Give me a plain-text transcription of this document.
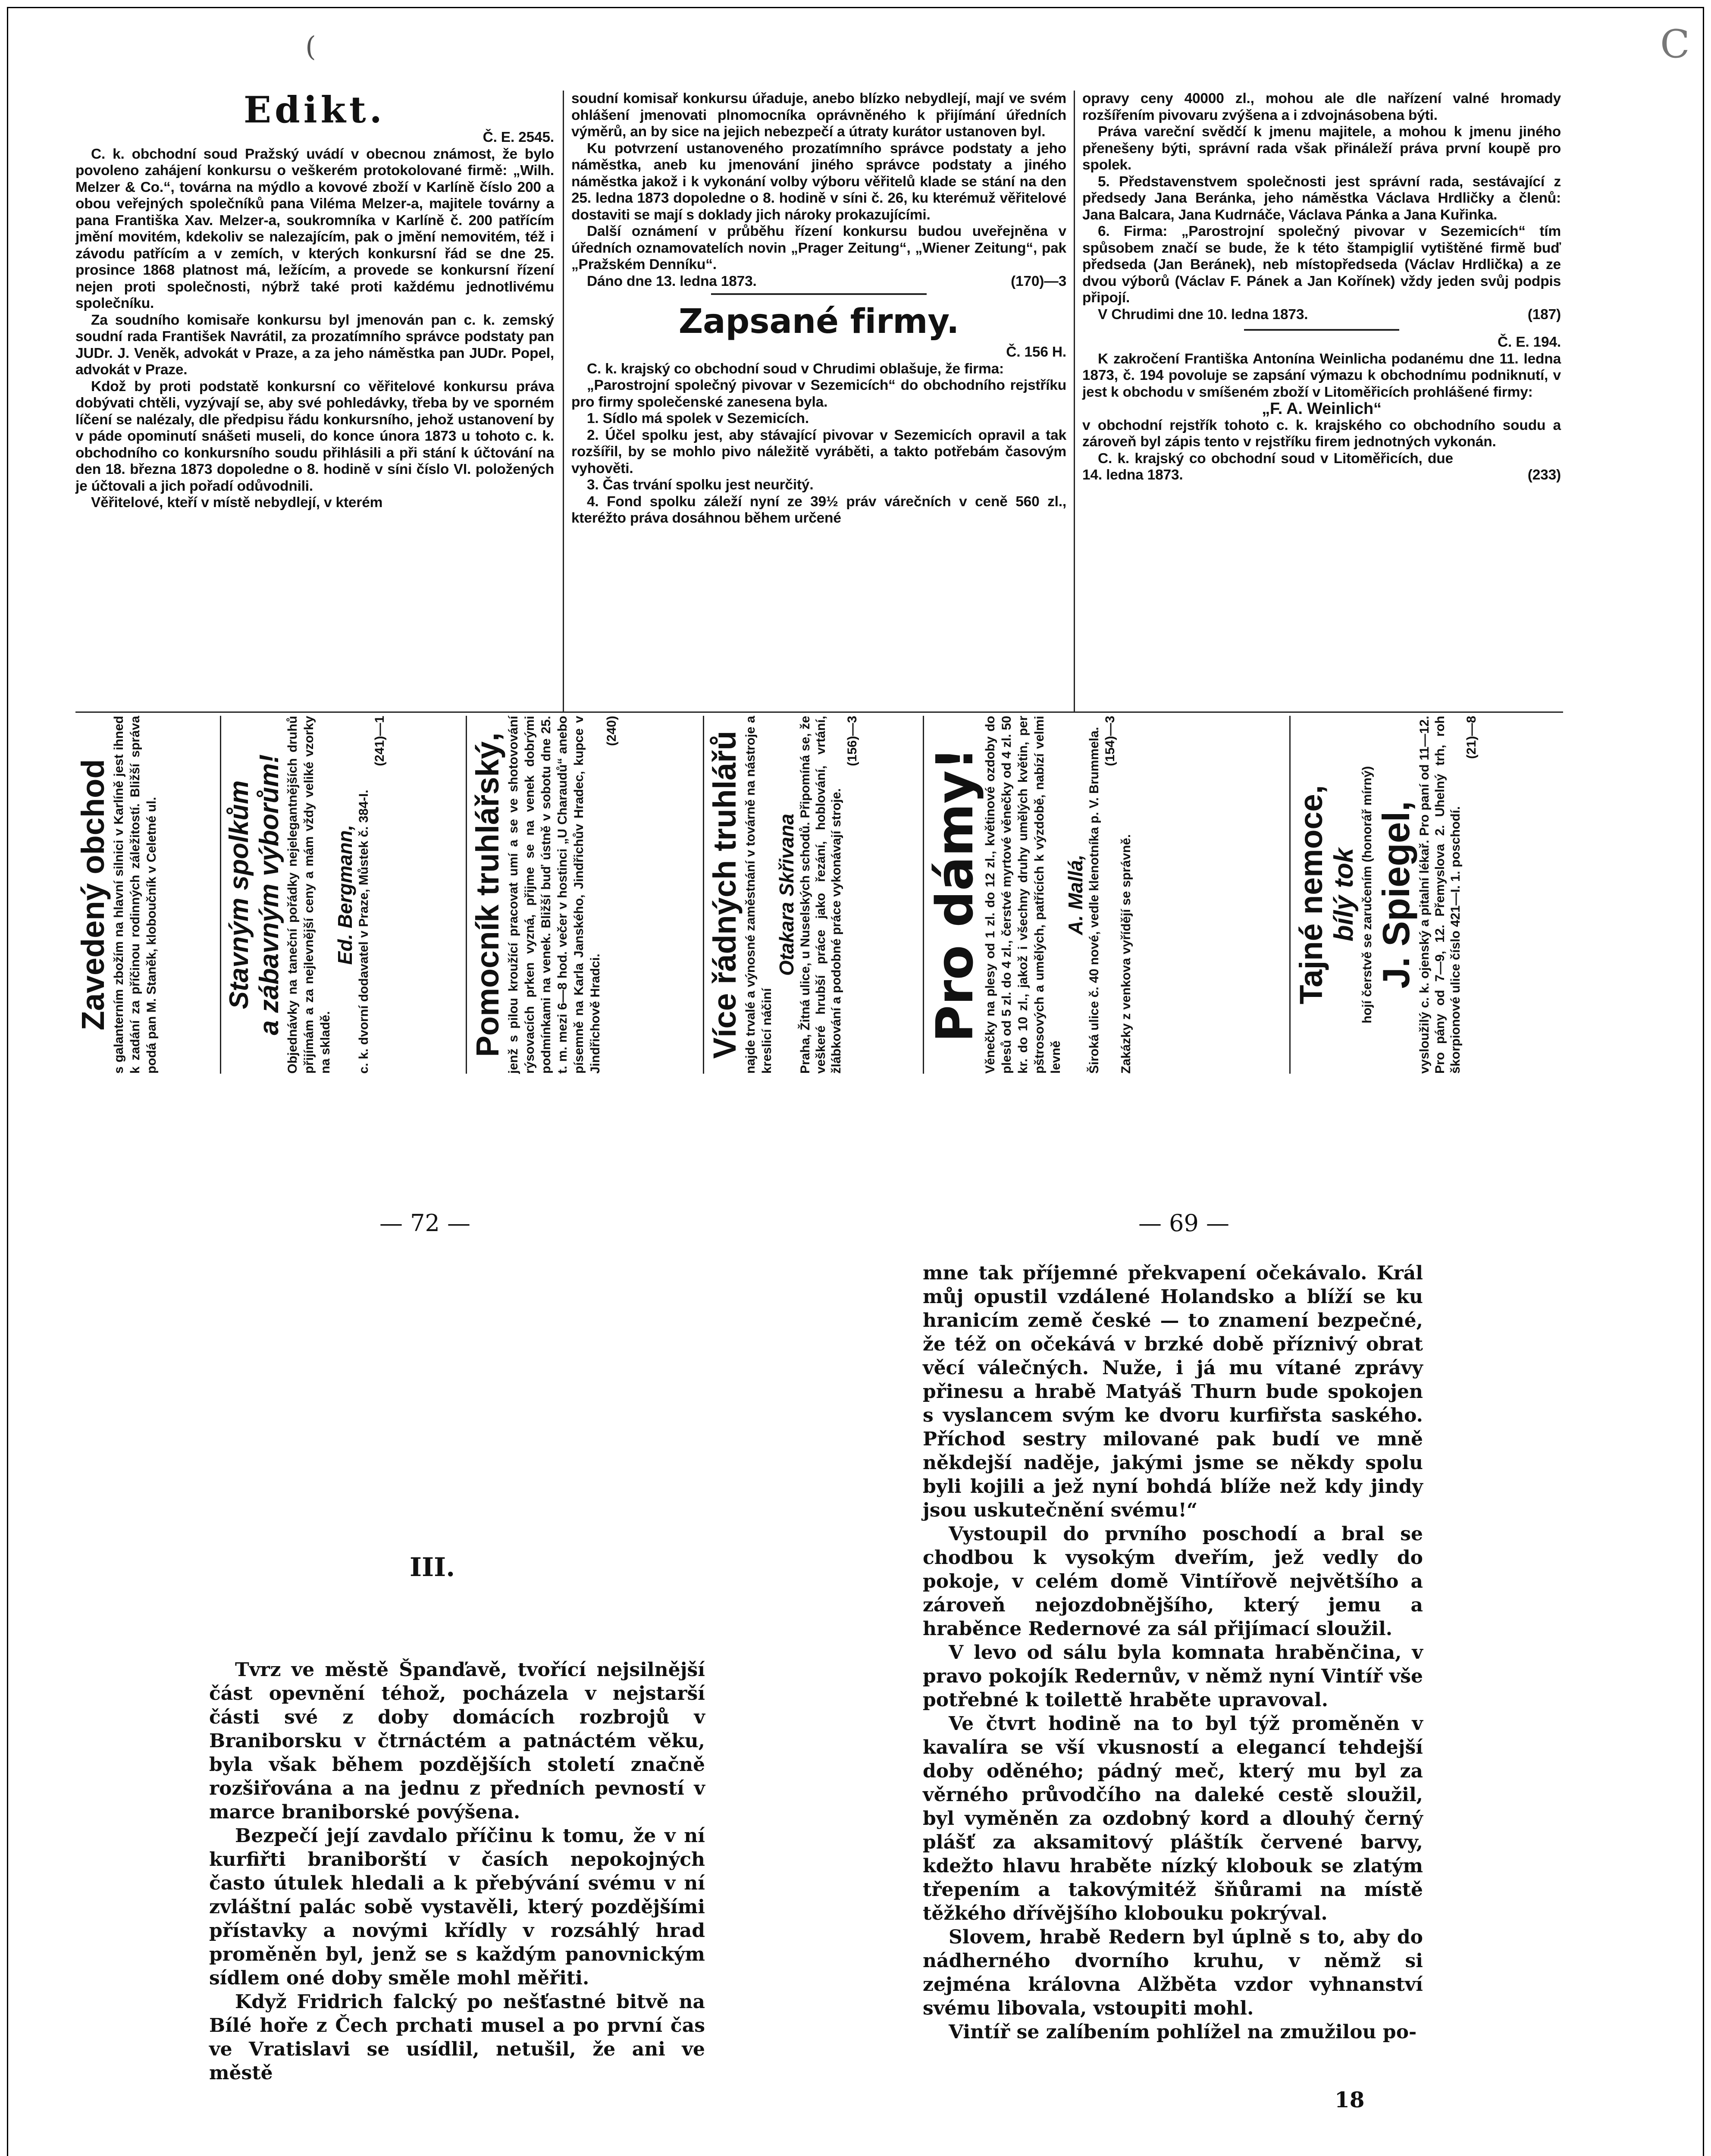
(	C
Edikt.
Č. E. 2545.

C. k. obchodní soud Pražský uvádí v obecnou známost, že bylo povoleno zahájení konkursu o veškerém protokolované firmě: „Wilh. Melzer & Co.“, továrna na mýdlo a kovové zboží v Karlíně číslo 200 a obou veřejných společníků pana Viléma Melzer-a, majitele továrny a pana Františka Xav. Melzer-a, soukromníka v Karlíně č. 200 patřícím jmění movitém, kdekoliv se nalezajícím, pak o jmění nemovitém, též i závodu patřícím a v zemích, v kterých konkursní řád se dne 25. prosince 1868 platnost má, ležícím, a provede se konkursní řízení nejen proti společnosti, nýbrž také proti každému jednotlivému společníku.

Za soudního komisaře konkursu byl jmenován pan c. k. zemský soudní rada František Navrátil, za prozatímního správce podstaty pan JUDr. J. Veněk, advokát v Praze, a za jeho náměstka pan JUDr. Popel, advokát v Praze.

Kdož by proti podstatě konkursní co věřitelové konkursu práva dobývati chtěli, vyzývají se, aby své pohledávky, třeba by ve sporném líčení se nalézaly, dle předpisu řádu konkursního, jehož ustanovení by v páde opominutí snášeti museli, do konce února 1873 u tohoto c. k. obchodního co konkursního soudu přihlásili a při stání k účtování na den 18. března 1873 dopoledne o 8. hodině v síni číslo VI. položených je účtovali a jich pořadí odůvodnili.

Věřitelové, kteří v místě nebydlejí, v kterém

soudní komisař konkursu úřaduje, anebo blízko nebydlejí, mají ve svém ohlášení jmenovati plnomocníka oprávněného k přijímání úředních výměrů, an by sice na jejich nebezpečí a útraty kurátor ustanoven byl.

Ku potvrzení ustanoveného prozatímního správce podstaty a jeho náměstka, aneb ku jmenování jiného správce podstaty a jiného náměstka jakož i k vykonání volby výboru věřitelů klade se stání na den 25. ledna 1873 dopoledne o 8. hodině v síni č. 26, ku kterémuž věřitelové dostaviti se mají s doklady jich nároky prokazujícími.

Další oznámení v průběhu řízení konkursu budou uveřejněna v úředních oznamovatelích novin „Prager Zeitung“, „Wiener Zeitung“, pak „Pražském Denníku“.

Dáno dne 13. ledna 1873.	(170)—3
Zapsané firmy.
Č. 156 H.

C. k. krajský co obchodní soud v Chrudimi oblašuje, že firma:

„Parostrojní společný pivovar v Sezemicích“ do obchodního rejstříku pro firmy společenské zanesena byla.

1. Sídlo má spolek v Sezemicích.

2. Účel spolku jest, aby stávající pivovar v Sezemicích opravil a tak rozšířil, by se mohlo pivo náležitě vyráběti, a takto potřebám časovým vyhověti.

3. Čas trvání spolku jest neurčitý.

4. Fond spolku záleží nyní ze 39½ práv várečních v ceně 560 zl., kteréžto práva dosáhnou během určené

opravy ceny 40000 zl., mohou ale dle nařízení valné hromady rozšířením pivovaru zvýšena a i zdvojnásobena býti.

Práva vareční svědčí k jmenu majitele, a mohou k jmenu jiného přenešeny býti, správní rada však přináleží práva první koupě pro spolek.

5. Představenstvem společnosti jest správní rada, sestávající z předsedy Jana Beránka, jeho náměstka Václava Hrdličky a členů: Jana Balcara, Jana Kudrnáče, Václava Pánka a Jana Kuřinka.

6. Firma: „Parostrojní společný pivovar v Sezemicích“ tím spůsobem značí se bude, že k této štampiglií vytištěné firmě buď předseda (Jan Beránek), neb místopředseda (Václav Hrdlička) a ze dvou výborů (Václav F. Pánek a Jan Kořínek) vždy jeden svůj podpis připojí.

V Chrudimi dne 10. ledna 1873.	(187)
Č. E. 194.

K zakročení Františka Antonína Weinlicha podanému dne 11. ledna 1873, č. 194 povoluje se zapsání výmazu k obchodnímu podniknutí, v jest k obchodu v smíšeném zboží v Litoměřicích prohlášené firmy:

„F. A. Weinlich“

v obchodní rejstřík tohoto c. k. krajského co obchodního soudu a zároveň byl zápis tento v rejstříku firem jednotných vykonán.

C. k. krajský co obchodní soud v Litoměřicích, due 14. ledna 1873.	(233)
Zavedený obchod s galanterním zbožím na hlavní silnici v Karlíně jest ihned k zadání za příčinou rodinných záležitostí. Bližší správa podá pan M. Staněk, kloboučník v Celetné ul. Stavným spolkům a zábavným výborům! Objednávky na taneční pořádky nejelegantnějších druhů přijímám a za nejlevnější ceny a mám vždy veliké vzorky na skladě.
Ed. Bergmann, c. k. dvorní dodavatel v Praze, Můstek č. 384-I.
(241)—1	Pomocník truhlářský, jenž s pilou kroužící pracovat umí a se ve shotovování rýsovacích prken vyzná, přijme se na venek dobrými podmínkami na venek. Bližší buď ústně v sobotu dne 25. t. m. mezi 6—8 hod. večer v hostinci „U Charaudů“ anebo písemně na Karla Janského, Jindřichův Hradec, kupce v Jindřichově Hradci.
(240)	Více řádných truhlářů najde trvalé a výnosné zaměstnání v továrně na nástroje a kreslicí náčiní
Otakara Skřivana Praha, Žitná ulice, u Nuselských schodů. Připomíná se, že veškeré hrubší práce jako řezání, hoblování, vrtání, žlábkování a podobné práce vykonávají stroje.
(156)—3
Pro dámy!
Věnečky na plesy od 1 zl. do 12 zl., květinové ozdoby do plesů od 5 zl. do 4 zl., čerstvé myrtové věnečky od 4 zl. 50 kr. do 10 zl., jakož i všechny druhy umělých květin, per pštrosových a umělých, patřících k výzdobě, nabízí velmi levně
A. Mallá, Široká ulice č. 40 nové, vedle klenotníka p. V. Brummela. (154)—3
Zakázky z venkova vyřídějí se správně.	Tajné nemoce, bílý tok hojí čerstvě se zaručením (honorář mírný) J. Spiegel, vysloužilý c. k. ojenský a pitalní lékař. Pro paní od 11—12. Pro pány od 7—9, 12. Přemyslova 2. Uhelný trh, roh škorpionové ulice číslo 421—I. 1. poschodí.
(21)—8
— 72 —	— 69 —
III.

Tvrz ve městě Španďavě, tvořící nejsilnější část opevnění téhož, pocházela v nejstarší části své z doby domácích rozbrojů v Braniborsku v čtrnáctém a patnáctém věku, byla však během pozdějších století značně rozšiřována a na jednu z předních pevností v marce braniborské povýšena.

Bezpečí její zavdalo příčinu k tomu, že v ní kurfiřti braniborští v časích nepokojných často útulek hledali a k přebývání svému v ní zvláštní palác sobě vystavěli, který pozdějšími přístavky a novými křídly v rozsáhlý hrad proměněn byl, jenž se s každým panovnickým sídlem oné doby směle mohl měřiti.

Když Fridrich falcký po nešťastné bitvě na Bílé hoře z Čech prchati musel a po první čas ve Vratislavi se usídlil, netušil, že ani ve městě

mne tak příjemné překvapení očekávalo. Král můj opustil vzdálené Holandsko a blíží se ku hranicím země české — to znamení bezpečné, že též on očekává v brzké době příznivý obrat věcí válečných. Nuže, i já mu vítané zprávy přinesu a hrabě Matyáš Thurn bude spokojen s vyslancem svým ke dvoru kurfiřsta saského. Příchod sestry milované pak budí ve mně někdejší naděje, jakými jsme se někdy spolu byli kojili a jež nyní bohdá blíže než kdy jindy jsou uskutečnění svému!“

Vystoupil do prvního poschodí a bral se chodbou k vysokým dveřím, jež vedly do pokoje, v celém domě Vintířově největšího a zároveň nejozdobnějšího, který jemu a hraběnce Redernové za sál přijímací sloužil.

V levo od sálu byla komnata hraběnčina, v pravo pokojík Redernův, v němž nyní Vintíř vše potřebné k toilettě hraběte upravoval.

Ve čtvrt hodině na to byl týž proměněn v kavalíra se vší vkusností a elegancí tehdejší doby oděného; pádný meč, který mu byl za věrného průvodčího na daleké cestě sloužil, byl vyměněn za ozdobný kord a dlouhý černý plášť za aksamitový pláštík červené barvy, kdežto hlavu hraběte nízký klobouk se zlatým třepením a takovýmitéž šňůrami na místě těžkého dřívějšího klobouku pokrýval.

Slovem, hrabě Redern byl úplně s to, aby do nádherného dvorního kruhu, v němž si zejména královna Alžběta vzdor vyhnanství svému libovala, vstoupiti mohl.

Vintíř se zalíbením pohlížel na zmužilou po-

18
